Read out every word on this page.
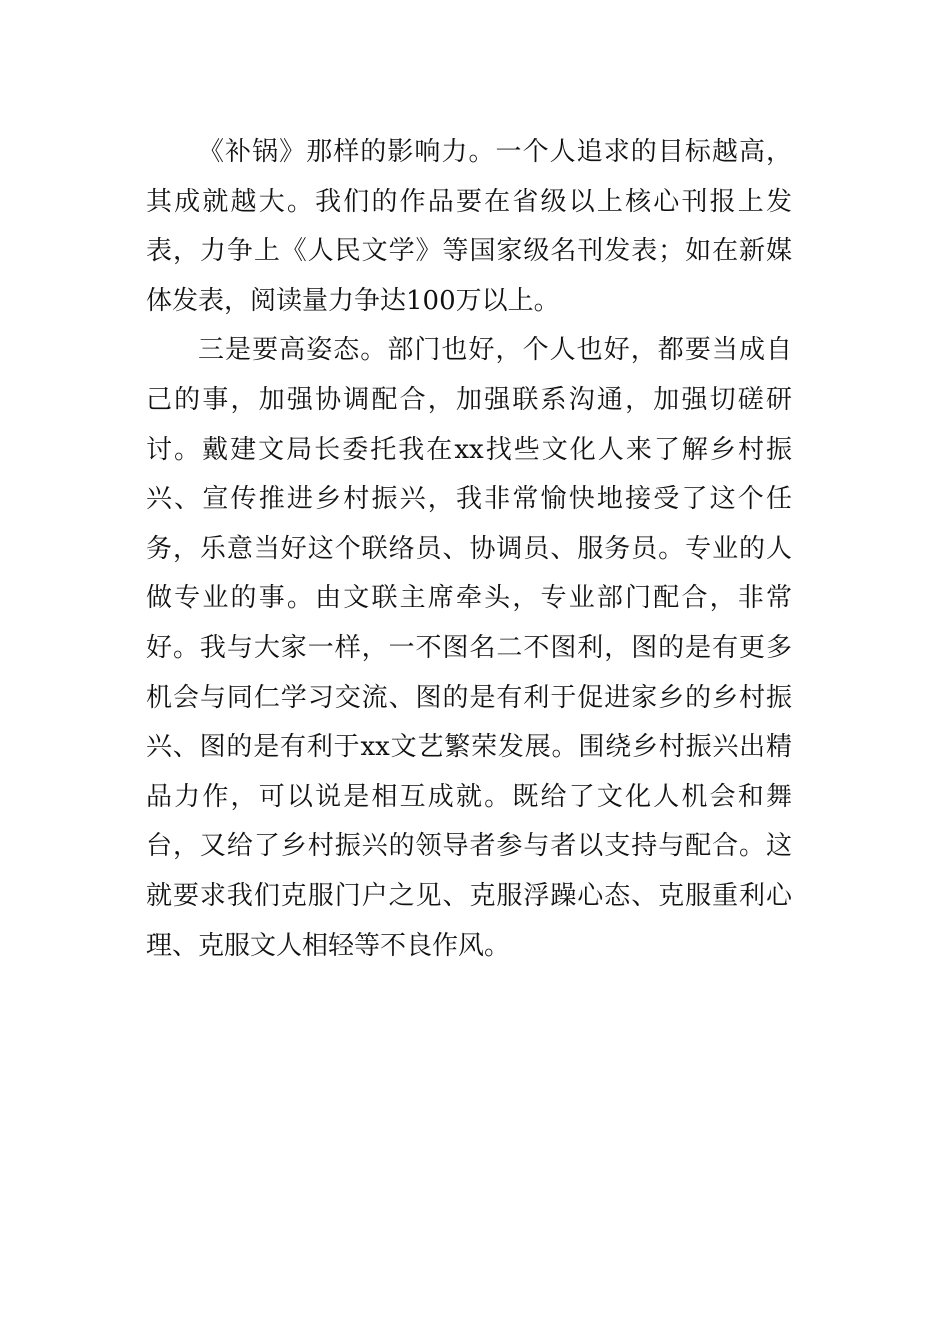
《补锅》那样的影响力。一个人追求的目标越高，其成就越大。我们的作品要在省级以上核心刊报上发表，力争上《人民文学》等国家级名刊发表；如在新媒体发表，阅读量力争达100万以上。

三是要高姿态。部门也好，个人也好，都要当成自己的事，加强协调配合，加强联系沟通，加强切磋研讨。戴建文局长委托我在xx找些文化人来了解乡村振兴、宣传推进乡村振兴，我非常愉快地接受了这个任务，乐意当好这个联络员、协调员、服务员。专业的人做专业的事。由文联主席牵头，专业部门配合，非常好。我与大家一样，一不图名二不图利，图的是有更多机会与同仁学习交流、图的是有利于促进家乡的乡村振兴、图的是有利于xx文艺繁荣发展。围绕乡村振兴出精品力作，可以说是相互成就。既给了文化人机会和舞台，又给了乡村振兴的领导者参与者以支持与配合。这就要求我们克服门户之见、克服浮躁心态、克服重利心理、克服文人相轻等不良作风。
